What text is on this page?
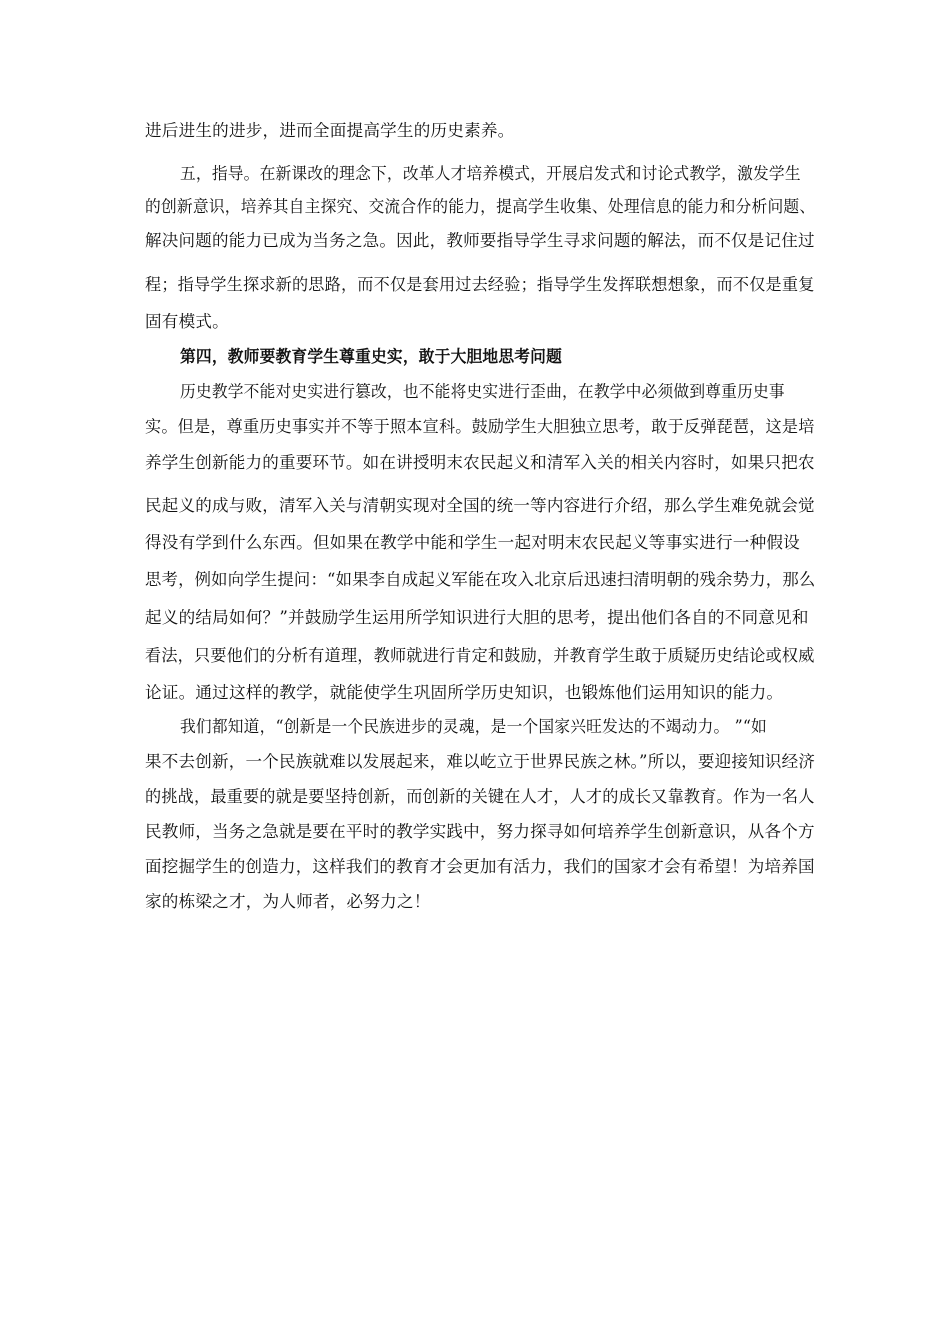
进后进生的进步，进而全面提高学生的历史素养。
五，指导。在新课改的理念下，改革人才培养模式，开展启发式和讨论式教学，激发学生
的创新意识，培养其自主探究、交流合作的能力，提高学生收集、处理信息的能力和分析问题、
解决问题的能力已成为当务之急。因此，教师要指导学生寻求问题的解法，而不仅是记住过
程；指导学生探求新的思路，而不仅是套用过去经验；指导学生发挥联想想象，而不仅是重复
固有模式。
第四，教师要教育学生尊重史实，敢于大胆地思考问题
历史教学不能对史实进行篡改，也不能将史实进行歪曲，在教学中必须做到尊重历史事
实。但是，尊重历史事实并不等于照本宣科。鼓励学生大胆独立思考，敢于反弹琵琶，这是培
养学生创新能力的重要环节。如在讲授明末农民起义和清军入关的相关内容时，如果只把农
民起义的成与败，清军入关与清朝实现对全国的统一等内容进行介绍，那么学生难免就会觉
得没有学到什么东西。但如果在教学中能和学生一起对明末农民起义等事实进行一种假设
思考，例如向学生提问：“如果李自成起义军能在攻入北京后迅速扫清明朝的残余势力，那么
起义的结局如何？”并鼓励学生运用所学知识进行大胆的思考，提出他们各自的不同意见和
看法，只要他们的分析有道理，教师就进行肯定和鼓励，并教育学生敢于质疑历史结论或权威
论证。通过这样的教学，就能使学生巩固所学历史知识，也锻炼他们运用知识的能力。
我们都知道，“创新是一个民族进步的灵魂，是一个国家兴旺发达的不竭动力。 ”“如
果不去创新，一个民族就难以发展起来，难以屹立于世界民族之林。”所以，要迎接知识经济
的挑战，最重要的就是要坚持创新，而创新的关键在人才，人才的成长又靠教育。作为一名人
民教师，当务之急就是要在平时的教学实践中，努力探寻如何培养学生创新意识，从各个方
面挖掘学生的创造力，这样我们的教育才会更加有活力，我们的国家才会有希望！为培养国
家的栋梁之才，为人师者，必努力之！
